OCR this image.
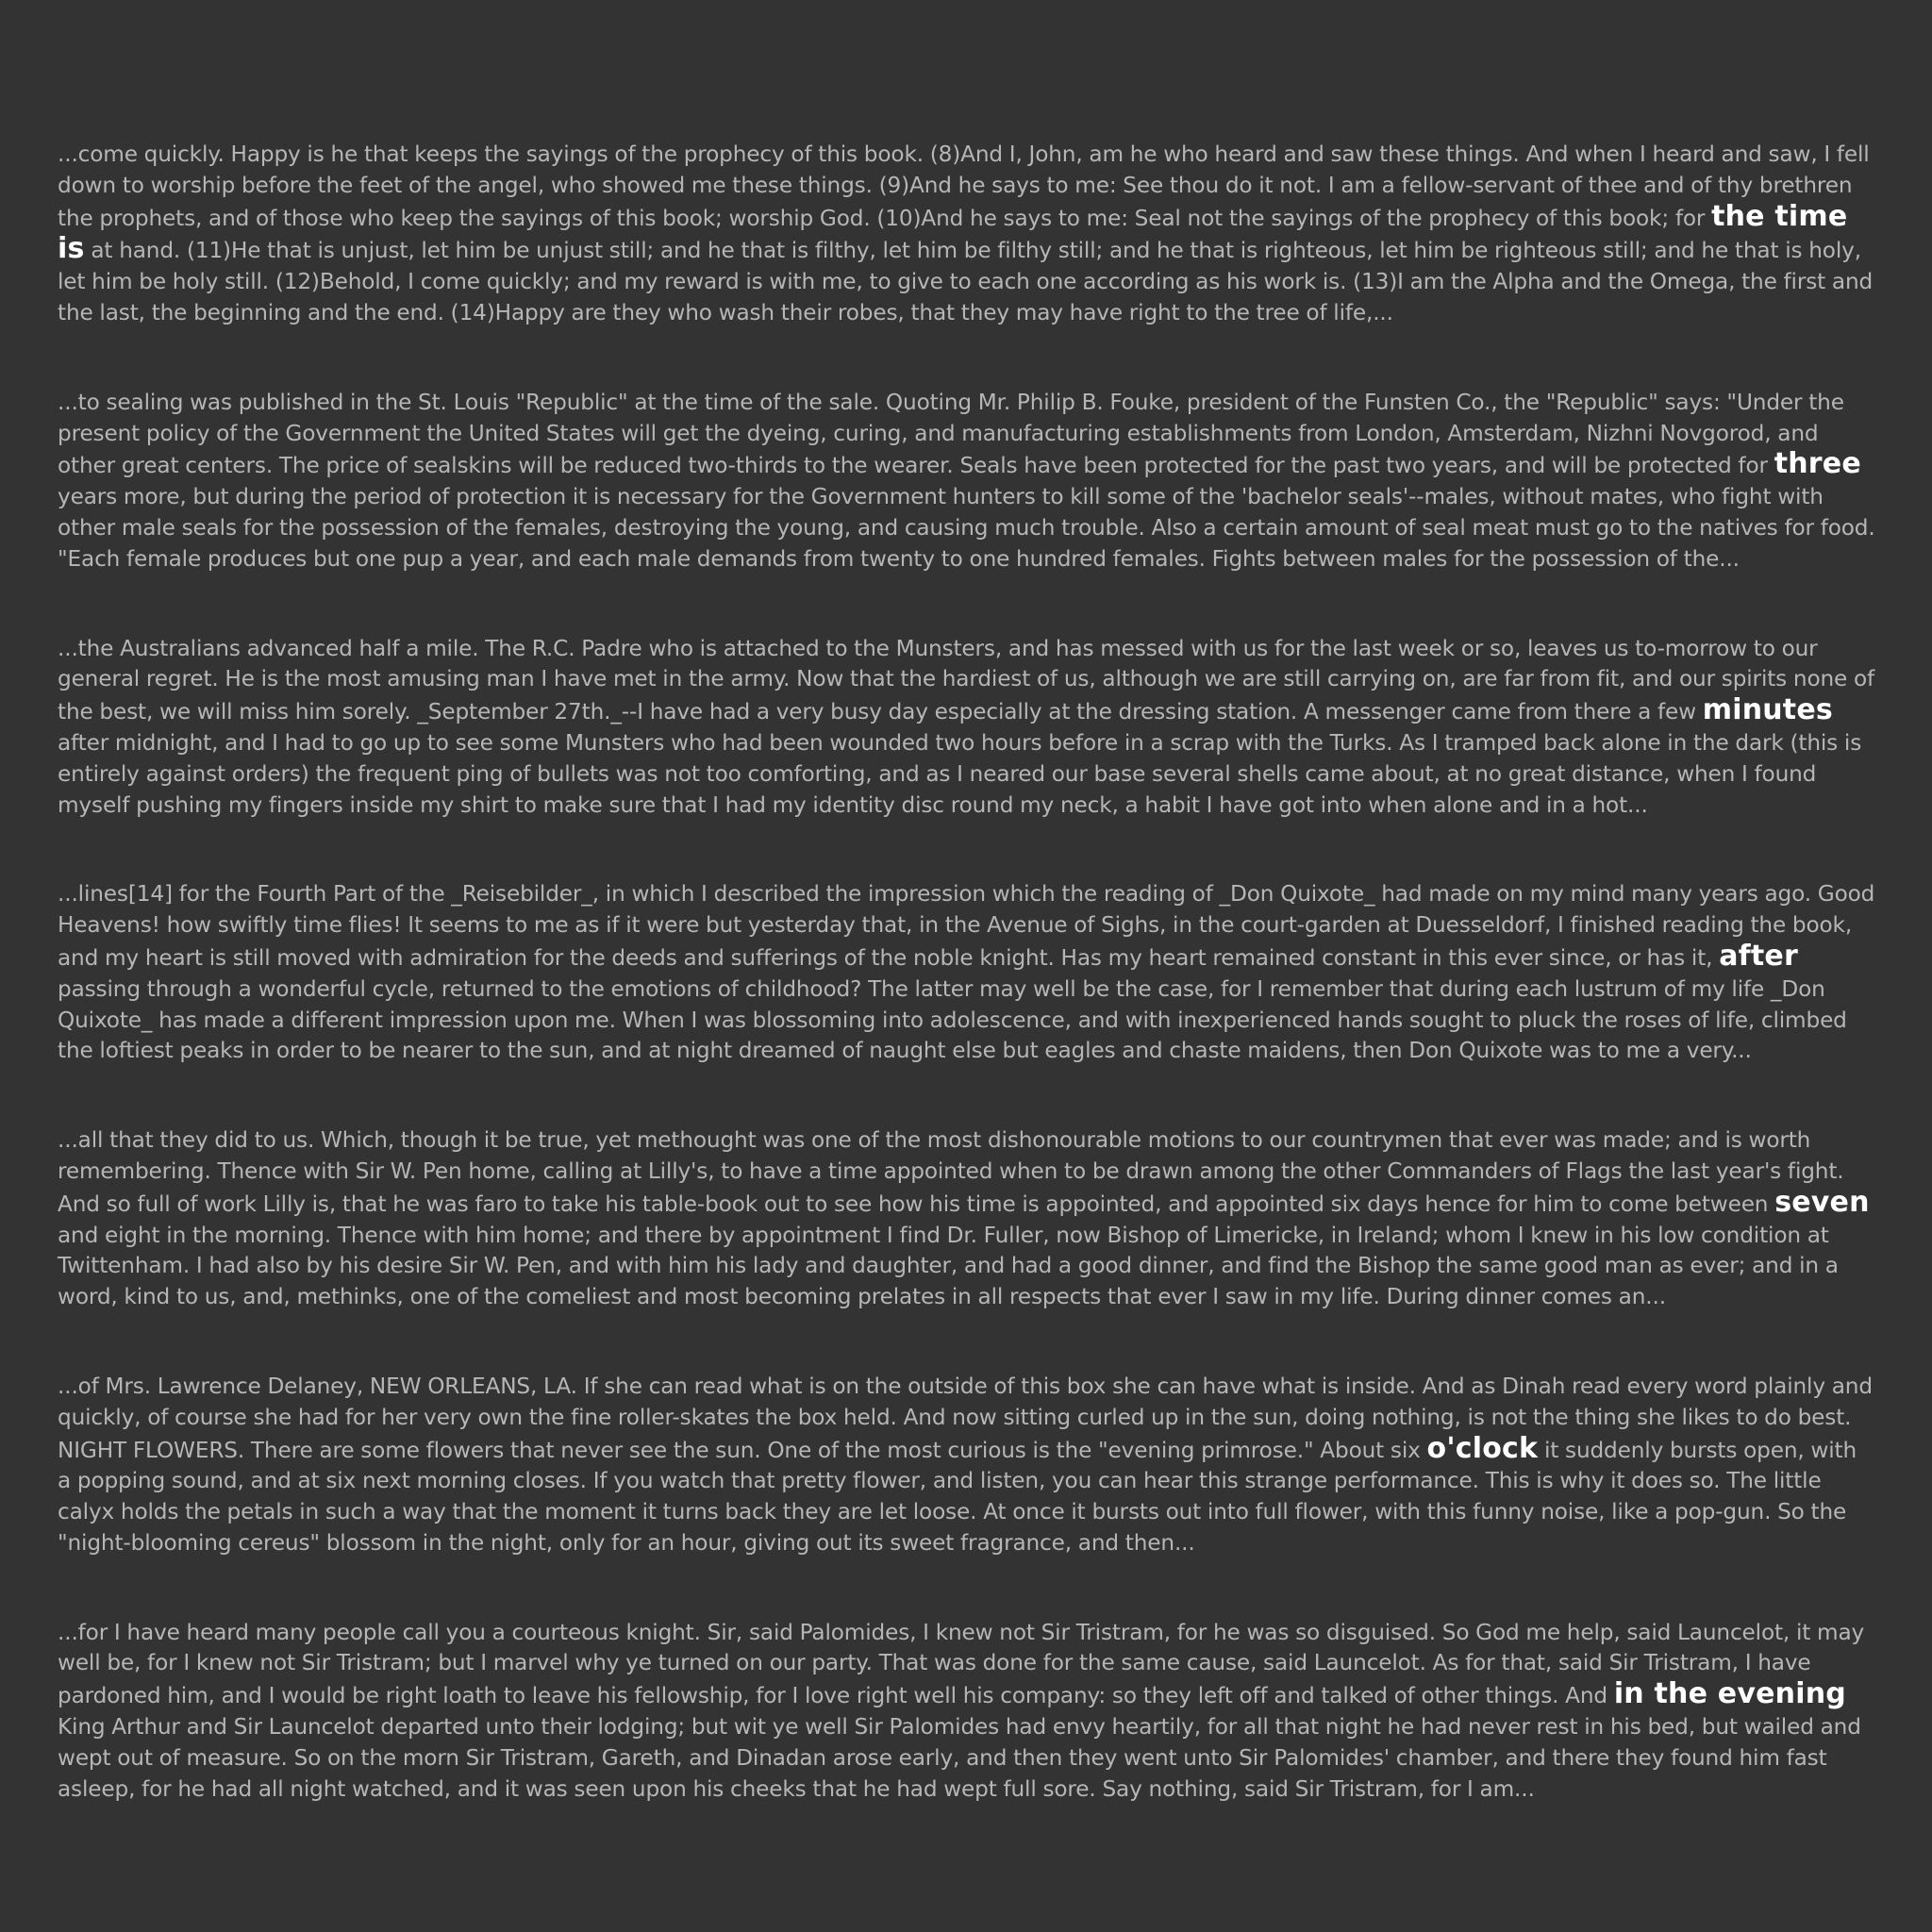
...come quickly. Happy is he that keeps the sayings of the prophecy of this book. (8)And I, John, am he who heard and saw these things. And when I heard and saw, I fell down to worship before the feet of the angel, who showed me these things. (9)And he says to me: See thou do it not. I am a fellow-servant of thee and of thy brethren the prophets, and of those who keep the sayings of this book; worship God. (10)And he says to me: Seal not the sayings of the prophecy of this book; for the time is at hand. (11)He that is unjust, let him be unjust still; and he that is filthy, let him be filthy still; and he that is righteous, let him be righteous still; and he that is holy, let him be holy still. (12)Behold, I come quickly; and my reward is with me, to give to each one according as his work is. (13)I am the Alpha and the Omega, the first and the last, the beginning and the end. (14)Happy are they who wash their robes, that they may have right to the tree of life,...

...to sealing was published in the St. Louis "Republic" at the time of the sale. Quoting Mr. Philip B. Fouke, president of the Funsten Co., the "Republic" says: "Under the present policy of the Government the United States will get the dyeing, curing, and manufacturing establishments from London, Amsterdam, Nizhni Novgorod, and other great centers. The price of sealskins will be reduced two-thirds to the wearer. Seals have been protected for the past two years, and will be protected for three years more, but during the period of protection it is necessary for the Government hunters to kill some of the 'bachelor seals'--males, without mates, who fight with other male seals for the possession of the females, destroying the young, and causing much trouble. Also a certain amount of seal meat must go to the natives for food. "Each female produces but one pup a year, and each male demands from twenty to one hundred females. Fights between males for the possession of the...

...the Australians advanced half a mile. The R.C. Padre who is attached to the Munsters, and has messed with us for the last week or so, leaves us to-morrow to our general regret. He is the most amusing man I have met in the army. Now that the hardiest of us, although we are still carrying on, are far from fit, and our spirits none of the best, we will miss him sorely. _September 27th._--I have had a very busy day especially at the dressing station. A messenger came from there a few minutes after midnight, and I had to go up to see some Munsters who had been wounded two hours before in a scrap with the Turks. As I tramped back alone in the dark (this is entirely against orders) the frequent ping of bullets was not too comforting, and as I neared our base several shells came about, at no great distance, when I found myself pushing my fingers inside my shirt to make sure that I had my identity disc round my neck, a habit I have got into when alone and in a hot...

...lines[14] for the Fourth Part of the _Reisebilder_, in which I described the impression which the reading of _Don Quixote_ had made on my mind many years ago. Good Heavens! how swiftly time flies! It seems to me as if it were but yesterday that, in the Avenue of Sighs, in the court-garden at Duesseldorf, I finished reading the book, and my heart is still moved with admiration for the deeds and sufferings of the noble knight. Has my heart remained constant in this ever since, or has it, after passing through a wonderful cycle, returned to the emotions of childhood? The latter may well be the case, for I remember that during each lustrum of my life _Don Quixote_ has made a different impression upon me. When I was blossoming into adolescence, and with inexperienced hands sought to pluck the roses of life, climbed the loftiest peaks in order to be nearer to the sun, and at night dreamed of naught else but eagles and chaste maidens, then Don Quixote was to me a very...

...all that they did to us. Which, though it be true, yet methought was one of the most dishonourable motions to our countrymen that ever was made; and is worth remembering. Thence with Sir W. Pen home, calling at Lilly's, to have a time appointed when to be drawn among the other Commanders of Flags the last year's fight. And so full of work Lilly is, that he was faro to take his table-book out to see how his time is appointed, and appointed six days hence for him to come between seven and eight in the morning. Thence with him home; and there by appointment I find Dr. Fuller, now Bishop of Limericke, in Ireland; whom I knew in his low condition at Twittenham. I had also by his desire Sir W. Pen, and with him his lady and daughter, and had a good dinner, and find the Bishop the same good man as ever; and in a word, kind to us, and, methinks, one of the comeliest and most becoming prelates in all respects that ever I saw in my life. During dinner comes an...

...of Mrs. Lawrence Delaney, NEW ORLEANS, LA. If she can read what is on the outside of this box she can have what is inside. And as Dinah read every word plainly and quickly, of course she had for her very own the fine roller-skates the box held. And now sitting curled up in the sun, doing nothing, is not the thing she likes to do best. NIGHT FLOWERS. There are some flowers that never see the sun. One of the most curious is the "evening primrose." About six o'clock it suddenly bursts open, with a popping sound, and at six next morning closes. If you watch that pretty flower, and listen, you can hear this strange performance. This is why it does so. The little calyx holds the petals in such a way that the moment it turns back they are let loose. At once it bursts out into full flower, with this funny noise, like a pop-gun. So the "night-blooming cereus" blossom in the night, only for an hour, giving out its sweet fragrance, and then...

...for I have heard many people call you a courteous knight. Sir, said Palomides, I knew not Sir Tristram, for he was so disguised. So God me help, said Launcelot, it may well be, for I knew not Sir Tristram; but I marvel why ye turned on our party. That was done for the same cause, said Launcelot. As for that, said Sir Tristram, I have pardoned him, and I would be right loath to leave his fellowship, for I love right well his company: so they left off and talked of other things. And in the evening King Arthur and Sir Launcelot departed unto their lodging; but wit ye well Sir Palomides had envy heartily, for all that night he had never rest in his bed, but wailed and wept out of measure. So on the morn Sir Tristram, Gareth, and Dinadan arose early, and then they went unto Sir Palomides' chamber, and there they found him fast asleep, for he had all night watched, and it was seen upon his cheeks that he had wept full sore. Say nothing, said Sir Tristram, for I am...
